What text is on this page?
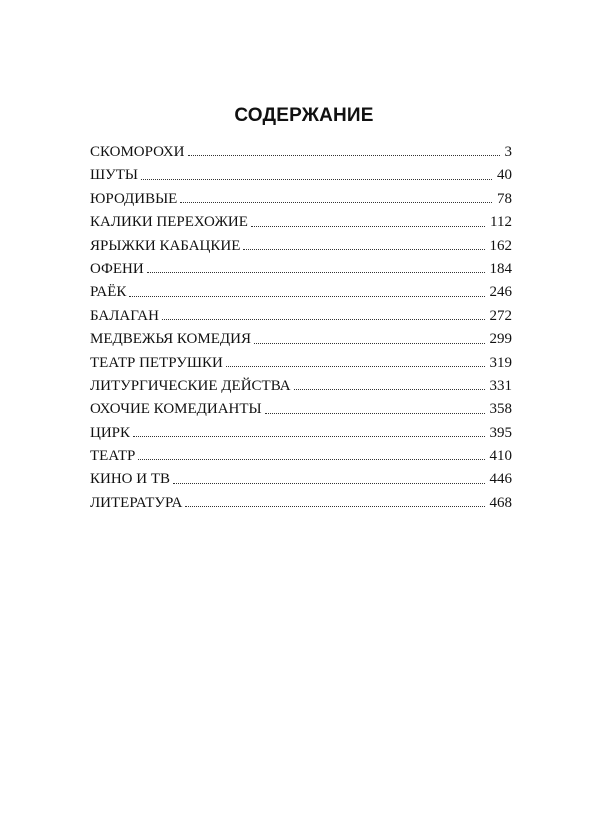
СОДЕРЖАНИЕ
СКОМОРОХИ	3
ШУТЫ	40
ЮРОДИВЫЕ	78
КАЛИКИ ПЕРЕХОЖИЕ	112
ЯРЫЖКИ КАБАЦКИЕ	162
ОФЕНИ	184
РАЁК	246
БАЛАГАН	272
МЕДВЕЖЬЯ КОМЕДИЯ	299
ТЕАТР ПЕТРУШКИ	319
ЛИТУРГИЧЕСКИЕ ДЕЙСТВА	331
ОХОЧИЕ КОМЕДИАНТЫ	358
ЦИРК	395
ТЕАТР	410
КИНО И ТВ	446
ЛИТЕРАТУРА	468
